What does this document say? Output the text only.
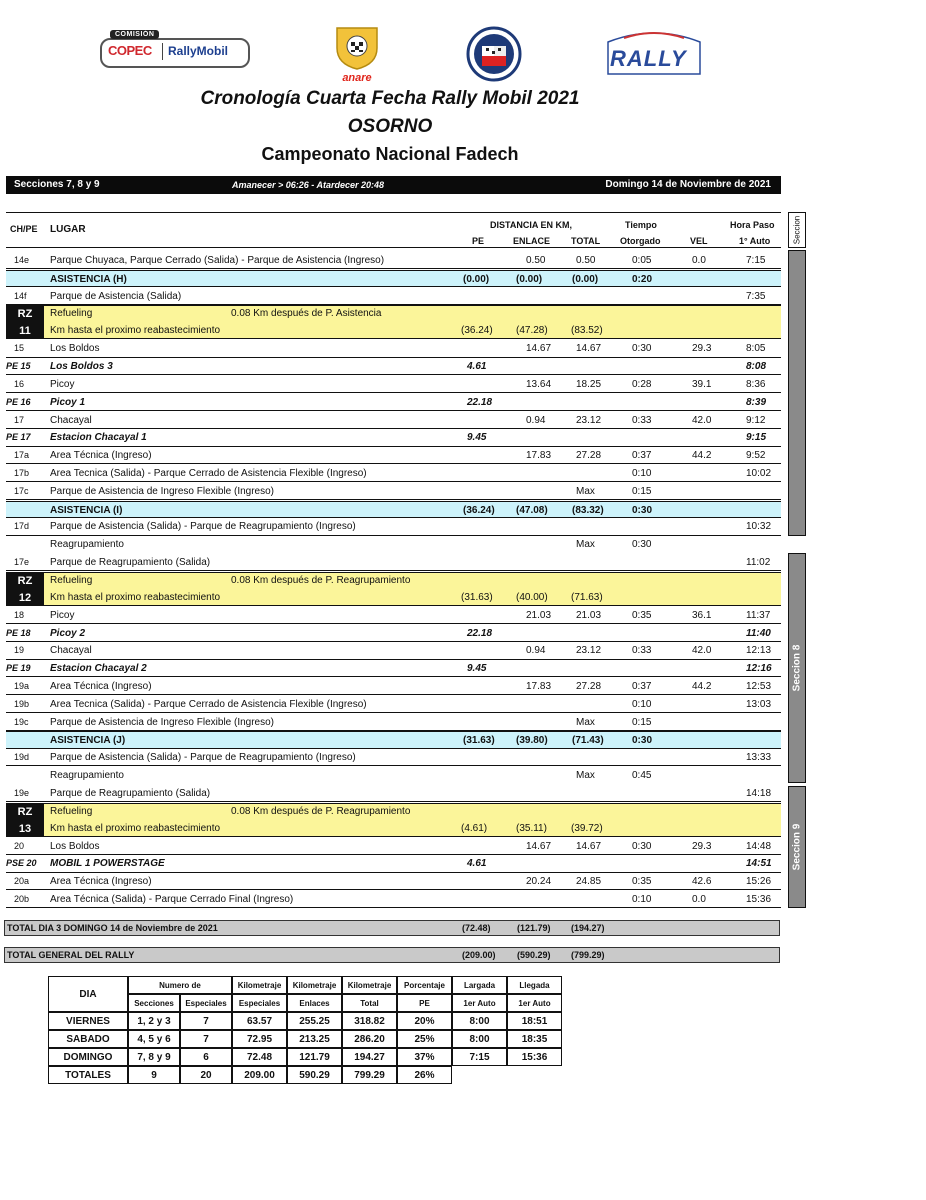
COMISIÓN
COPEC RallyMobil
anare
RALLY
Cronología Cuarta Fecha Rally Mobil 2021
OSORNO
Campeonato Nacional Fadech
Secciones 7, 8 y 9	Amanecer > 06:26 - Atardecer 20:48	Domingo 14 de Noviembre de 2021
CH/PE LUGAR	DISTANCIA EN KM,
PE	ENLACE TOTAL
Tiempo
Otorgado	VEL
Hora Paso
1° Auto
14e Parque Chuyaca, Parque Cerrado (Salida) - Parque de Asistencia (Ingreso)	0.50	0.50	0:05	0.0	7:15
ASISTENCIA (H)	(0.00)	(0.00)	(0.00)	0:20
14f Parque de Asistencia (Salida)	7:35
RZ
11
Refueling	0.08 Km después de P. Asistencia
Km hasta el proximo reabastecimiento	(36.24) (47.28) (83.52)
15	Los Boldos	14.67 14.67	0:30	29.3	8:05
PE 15 Los Boldos 3	4.61	8:08
16	Picoy	13.64 18.25	0:28	39.1	8:36
PE 16 Picoy 1	22.18	8:39
17	Chacayal	0.94	23.12	0:33	42.0	9:12
PE 17 Estacion Chacayal 1	9.45	9:15
17a Area Técnica (Ingreso)	17.83 27.28	0:37	44.2	9:52
17b Area Tecnica (Salida) - Parque Cerrado de Asistencia Flexible (Ingreso)	0:10	10:02
17c Parque de Asistencia de Ingreso Flexible (Ingreso)	Max	0:15
ASISTENCIA (I)	(36.24) (47.08) (83.32)	0:30
17d Parque de Asistencia (Salida) - Parque de Reagrupamiento (Ingreso)	10:32
Reagrupamiento	Max	0:30
17e Parque de Reagrupamiento (Salida)	11:02
RZ
12
Refueling	0.08 Km después de P. Reagrupamiento
Km hasta el proximo reabastecimiento	(31.63) (40.00) (71.63)
18	Picoy	21.03 21.03	0:35	36.1	11:37
PE 18 Picoy 2	22.18	11:40
19	Chacayal	0.94	23.12	0:33	42.0	12:13
PE 19 Estacion Chacayal 2	9.45	12:16
19a Area Técnica (Ingreso)	17.83 27.28	0:37	44.2	12:53
19b Area Tecnica (Salida) - Parque Cerrado de Asistencia Flexible (Ingreso)	0:10	13:03
19c Parque de Asistencia de Ingreso Flexible (Ingreso)	Max	0:15
ASISTENCIA (J)	(31.63) (39.80) (71.43)	0:30
19d Parque de Asistencia (Salida) - Parque de Reagrupamiento (Ingreso)	13:33
Reagrupamiento	Max	0:45
19e Parque de Reagrupamiento (Salida)	14:18
RZ
13
Refueling	0.08 Km después de P. Reagrupamiento
Km hasta el proximo reabastecimiento	(4.61)	(35.11) (39.72)
20	Los Boldos	14.67 14.67	0:30	29.3	14:48
PSE 20 MOBIL 1 POWERSTAGE	4.61	14:51
20a Area Técnica (Ingreso)	20.24 24.85	0:35	42.6	15:26
20b Area Técnica (Salida) - Parque Cerrado Final (Ingreso)	0:10	0.0	15:36
TOTAL DIA 3 DOMINGO 14 de Noviembre de 2021	(72.48)	(121.79) (194.27)
TOTAL GENERAL DEL RALLY	(209.00) (590.29) (799.29)
DIA	Numero de		Kilometraje	Kilometraje	Kilometraje	Porcentaje	Largada	Llegada
	Secciones	Especiales	Especiales	Enlaces	Total	PE	1er Auto	1er Auto
VIERNES	1, 2 y 3	7	63.57	255.25	318.82	20%	8:00	18:51
SABADO	4, 5 y 6	7	72.95	213.25	286.20	25%	8:00	18:35
DOMINGO	7, 8 y 9	6	72.48	121.79	194.27	37%	7:15	15:36
TOTALES	9	20	209.00	590.29	799.29	26%		
Seccion
Seccion 8
Seccion 9
